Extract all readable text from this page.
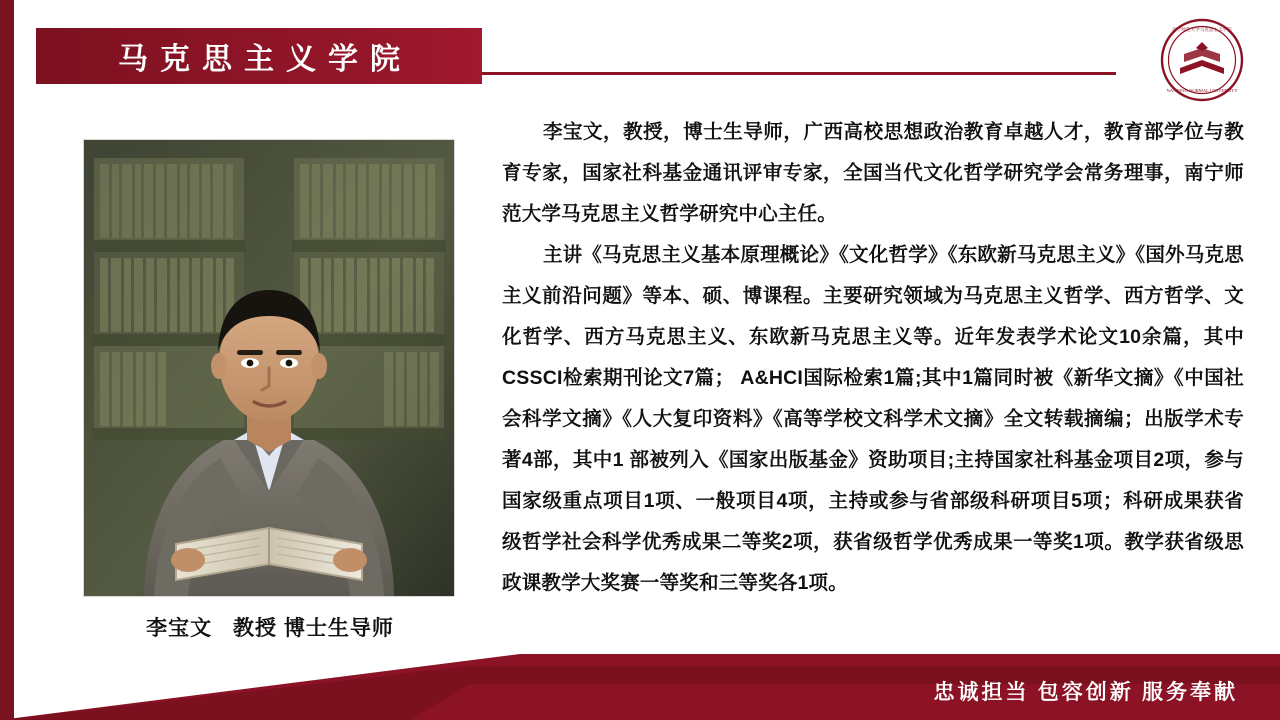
马克思主义学院
南宁师范大学马克思主义学院
NANNING NORMAL UNIVERSITY
李宝文 教授 博士生导师

李宝文，教授，博士生导师，广西高校思想政治教育卓越人才，教育部学位与教育专家，国家社科基金通讯评审专家，全国当代文化哲学研究学会常务理事，南宁师范大学马克思主义哲学研究中心主任。

主讲《马克思主义基本原理概论》《文化哲学》《东欧新马克思主义》《国外马克思主义前沿问题》等本、硕、博课程。主要研究领域为马克思主义哲学、西方哲学、文化哲学、西方马克思主义、东欧新马克思主义等。近年发表学术论文10余篇，其中CSSCI检索期刊论文7篇； A&HCI国际检索1篇;其中1篇同时被《新华文摘》《中国社会科学文摘》《人大复印资料》《高等学校文科学术文摘》全文转载摘编；出版学术专著4部，其中1 部被列入《国家出版基金》资助项目;主持国家社科基金项目2项，参与国家级重点项目1项、一般项目4项，主持或参与省部级科研项目5项；科研成果获省级哲学社会科学优秀成果二等奖2项，获省级哲学优秀成果一等奖1项。教学获省级思政课教学大奖赛一等奖和三等奖各1项。

忠诚担当 包容创新 服务奉献
